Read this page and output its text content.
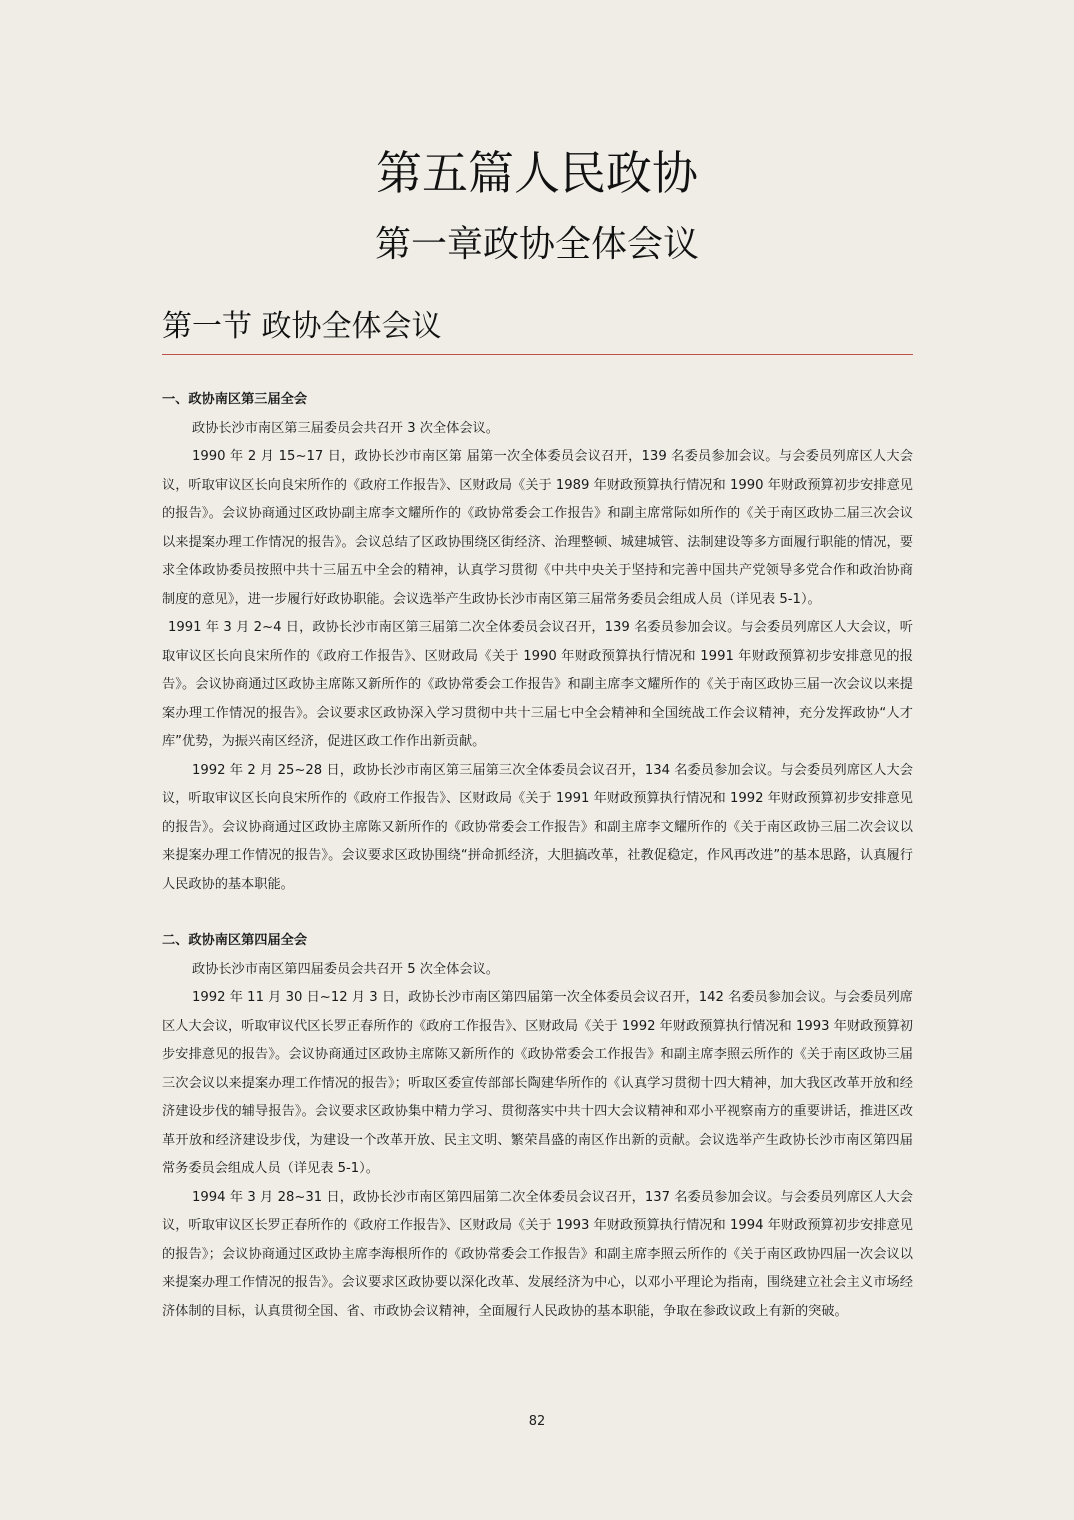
第五篇人民政协
第一章政协全体会议
第一节 政协全体会议

一、政协南区第三届全会

政协长沙市南区第三届委员会共召开 3 次全体会议。

1990 年 2 月 15~17 日，政协长沙市南区第 届第一次全体委员会议召开，139 名委员参加会议。与会委员列席区人大会议，听取审议区长向良宋所作的《政府工作报告》、区财政局《关于 1989 年财政预算执行情况和 1990 年财政预算初步安排意见的报告》。会议协商通过区政协副主席李文耀所作的《政协常委会工作报告》和副主席常际如所作的《关于南区政协二届三次会议以来提案办理工作情况的报告》。会议总结了区政协围绕区街经济、治理整顿、城建城管、法制建设等多方面履行职能的情况，要求全体政协委员按照中共十三届五中全会的精神，认真学习贯彻《中共中央关于坚持和完善中国共产党领导多党合作和政治协商制度的意见》，进一步履行好政协职能。会议选举产生政协长沙市南区第三届常务委员会组成人员（详见表 5-1）。

1991 年 3 月 2~4 日，政协长沙市南区第三届第二次全体委员会议召开，139 名委员参加会议。与会委员列席区人大会议，听取审议区长向良宋所作的《政府工作报告》、区财政局《关于 1990 年财政预算执行情况和 1991 年财政预算初步安排意见的报告》。会议协商通过区政协主席陈又新所作的《政协常委会工作报告》和副主席李文耀所作的《关于南区政协三届一次会议以来提案办理工作情况的报告》。会议要求区政协深入学习贯彻中共十三届七中全会精神和全国统战工作会议精神，充分发挥政协“人才库”优势，为振兴南区经济，促进区政工作作出新贡献。

1992 年 2 月 25~28 日，政协长沙市南区第三届第三次全体委员会议召开，134 名委员参加会议。与会委员列席区人大会议，听取审议区长向良宋所作的《政府工作报告》、区财政局《关于 1991 年财政预算执行情况和 1992 年财政预算初步安排意见的报告》。会议协商通过区政协主席陈又新所作的《政协常委会工作报告》和副主席李文耀所作的《关于南区政协三届二次会议以来提案办理工作情况的报告》。会议要求区政协围绕“拼命抓经济，大胆搞改革，社教促稳定，作风再改进”的基本思路，认真履行人民政协的基本职能。

二、政协南区第四届全会

政协长沙市南区第四届委员会共召开 5 次全体会议。

1992 年 11 月 30 日~12 月 3 日，政协长沙市南区第四届第一次全体委员会议召开，142 名委员参加会议。与会委员列席区人大会议，听取审议代区长罗正春所作的《政府工作报告》、区财政局《关于 1992 年财政预算执行情况和 1993 年财政预算初步安排意见的报告》。会议协商通过区政协主席陈又新所作的《政协常委会工作报告》和副主席李照云所作的《关于南区政协三届三次会议以来提案办理工作情况的报告》；听取区委宣传部部长陶建华所作的《认真学习贯彻十四大精神，加大我区改革开放和经济建设步伐的辅导报告》。会议要求区政协集中精力学习、贯彻落实中共十四大会议精神和邓小平视察南方的重要讲话，推进区改革开放和经济建设步伐，为建设一个改革开放、民主文明、繁荣昌盛的南区作出新的贡献。会议选举产生政协长沙市南区第四届常务委员会组成人员（详见表 5-1）。

1994 年 3 月 28~31 日，政协长沙市南区第四届第二次全体委员会议召开，137 名委员参加会议。与会委员列席区人大会议，听取审议区长罗正春所作的《政府工作报告》、区财政局《关于 1993 年财政预算执行情况和 1994 年财政预算初步安排意见的报告》；会议协商通过区政协主席李海根所作的《政协常委会工作报告》和副主席李照云所作的《关于南区政协四届一次会议以来提案办理工作情况的报告》。会议要求区政协要以深化改革、发展经济为中心，以邓小平理论为指南，围绕建立社会主义市场经济体制的目标，认真贯彻全国、省、市政协会议精神，全面履行人民政协的基本职能，争取在参政议政上有新的突破。

82
